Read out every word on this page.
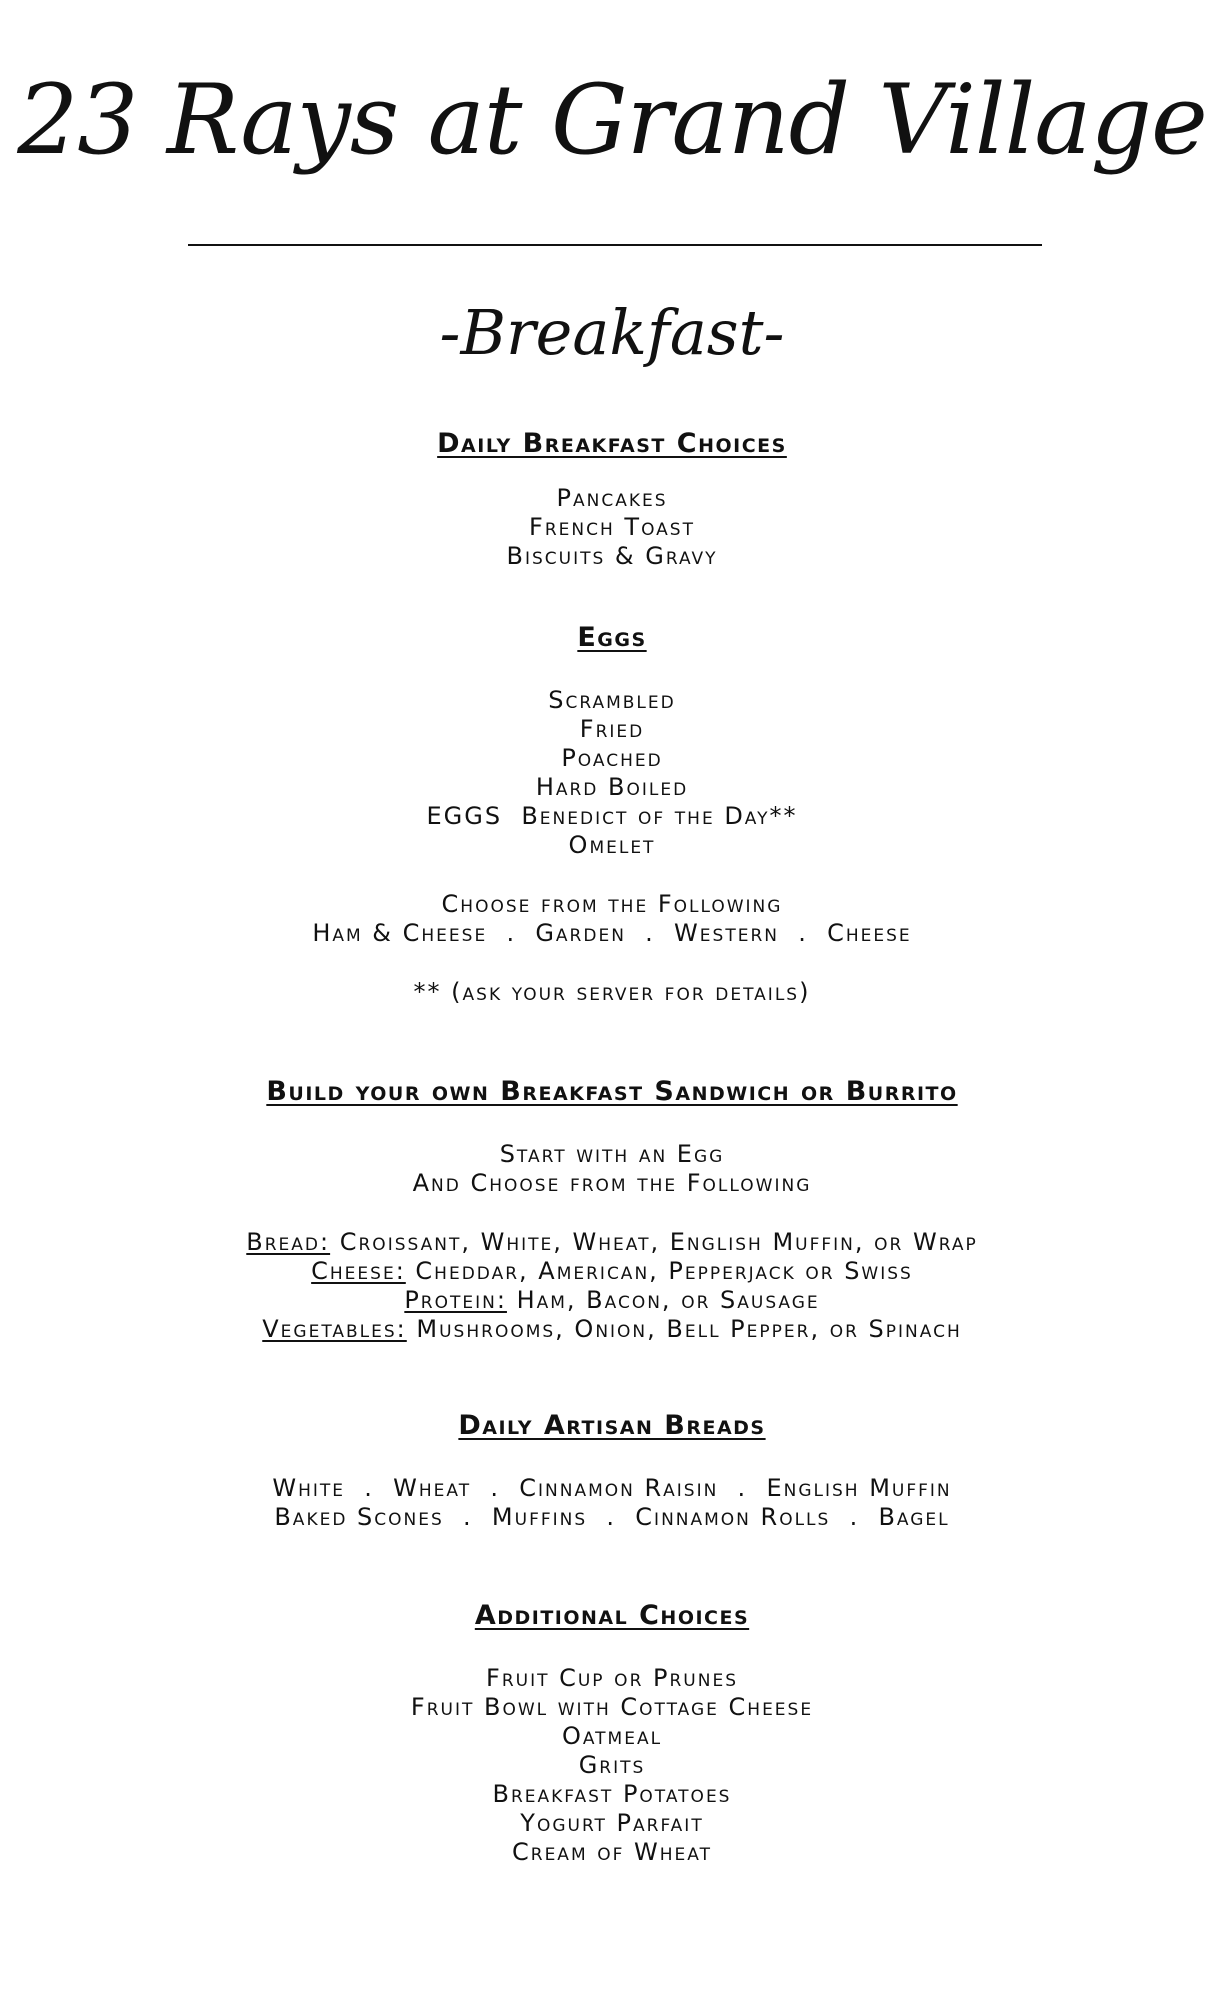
23 Rays at Grand Village
-Breakfast-

Daily Breakfast Choices

Pancakes

French Toast

Biscuits & Gravy

Eggs

Scrambled

Fried

Poached

Hard Boiled

EGGS  Benedict of the Day**

Omelet

Choose from the Following

Ham & Cheese  .  Garden  .  Western  .  Cheese

** (ask your server for details)

Build your own Breakfast Sandwich or Burrito

Start with an Egg

And Choose from the Following

Bread: Croissant, White, Wheat, English Muffin, or Wrap

Cheese: Cheddar, American, Pepperjack or Swiss

Protein: Ham, Bacon, or Sausage

Vegetables: Mushrooms, Onion, Bell Pepper, or Spinach

Daily Artisan Breads

White  .  Wheat  .  Cinnamon Raisin  .  English Muffin

Baked Scones  .  Muffins  .  Cinnamon Rolls  .  Bagel

Additional Choices

Fruit Cup or Prunes

Fruit Bowl with Cottage Cheese

Oatmeal

Grits

Breakfast Potatoes

Yogurt Parfait

Cream of Wheat
